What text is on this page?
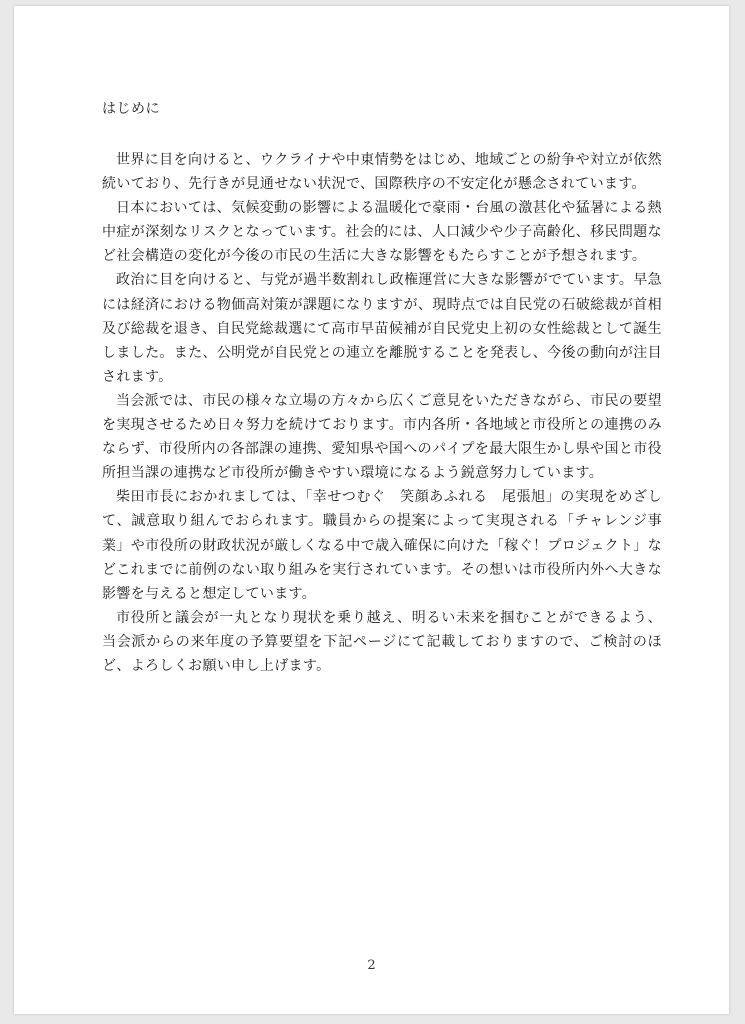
はじめに

世界に目を向けると、ウクライナや中東情勢をはじめ、地域ごとの紛争や対立が依然続いており、先行きが見通せない状況で、国際秩序の不安定化が懸念されています。

日本においては、気候変動の影響による温暖化で豪雨・台風の激甚化や猛暑による熱中症が深刻なリスクとなっています。社会的には、人口減少や少子高齢化、移民問題など社会構造の変化が今後の市民の生活に大きな影響をもたらすことが予想されます。

政治に目を向けると、与党が過半数割れし政権運営に大きな影響がでています。早急には経済における物価高対策が課題になりますが、現時点では自民党の石破総裁が首相及び総裁を退き、自民党総裁選にて高市早苗候補が自民党史上初の女性総裁として誕生しました。また、公明党が自民党との連立を離脱することを発表し、今後の動向が注目されます。

当会派では、市民の様々な立場の方々から広くご意見をいただきながら、市民の要望を実現させるため日々努力を続けております。市内各所・各地域と市役所との連携のみならず、市役所内の各部課の連携、愛知県や国へのパイプを最大限生かし県や国と市役所担当課の連携など市役所が働きやすい環境になるよう鋭意努力しています。

柴田市長におかれましては、「幸せつむぐ　笑顔あふれる　尾張旭」の実現をめざして、誠意取り組んでおられます。職員からの提案によって実現される「チャレンジ事業」や市役所の財政状況が厳しくなる中で歳入確保に向けた「稼ぐ！プロジェクト」などこれまでに前例のない取り組みを実行されています。その想いは市役所内外へ大きな影響を与えると想定しています。

市役所と議会が一丸となり現状を乗り越え、明るい未来を掴むことができるよう、当会派からの来年度の予算要望を下記ページにて記載しておりますので、ご検討のほど、よろしくお願い申し上げます。

2
